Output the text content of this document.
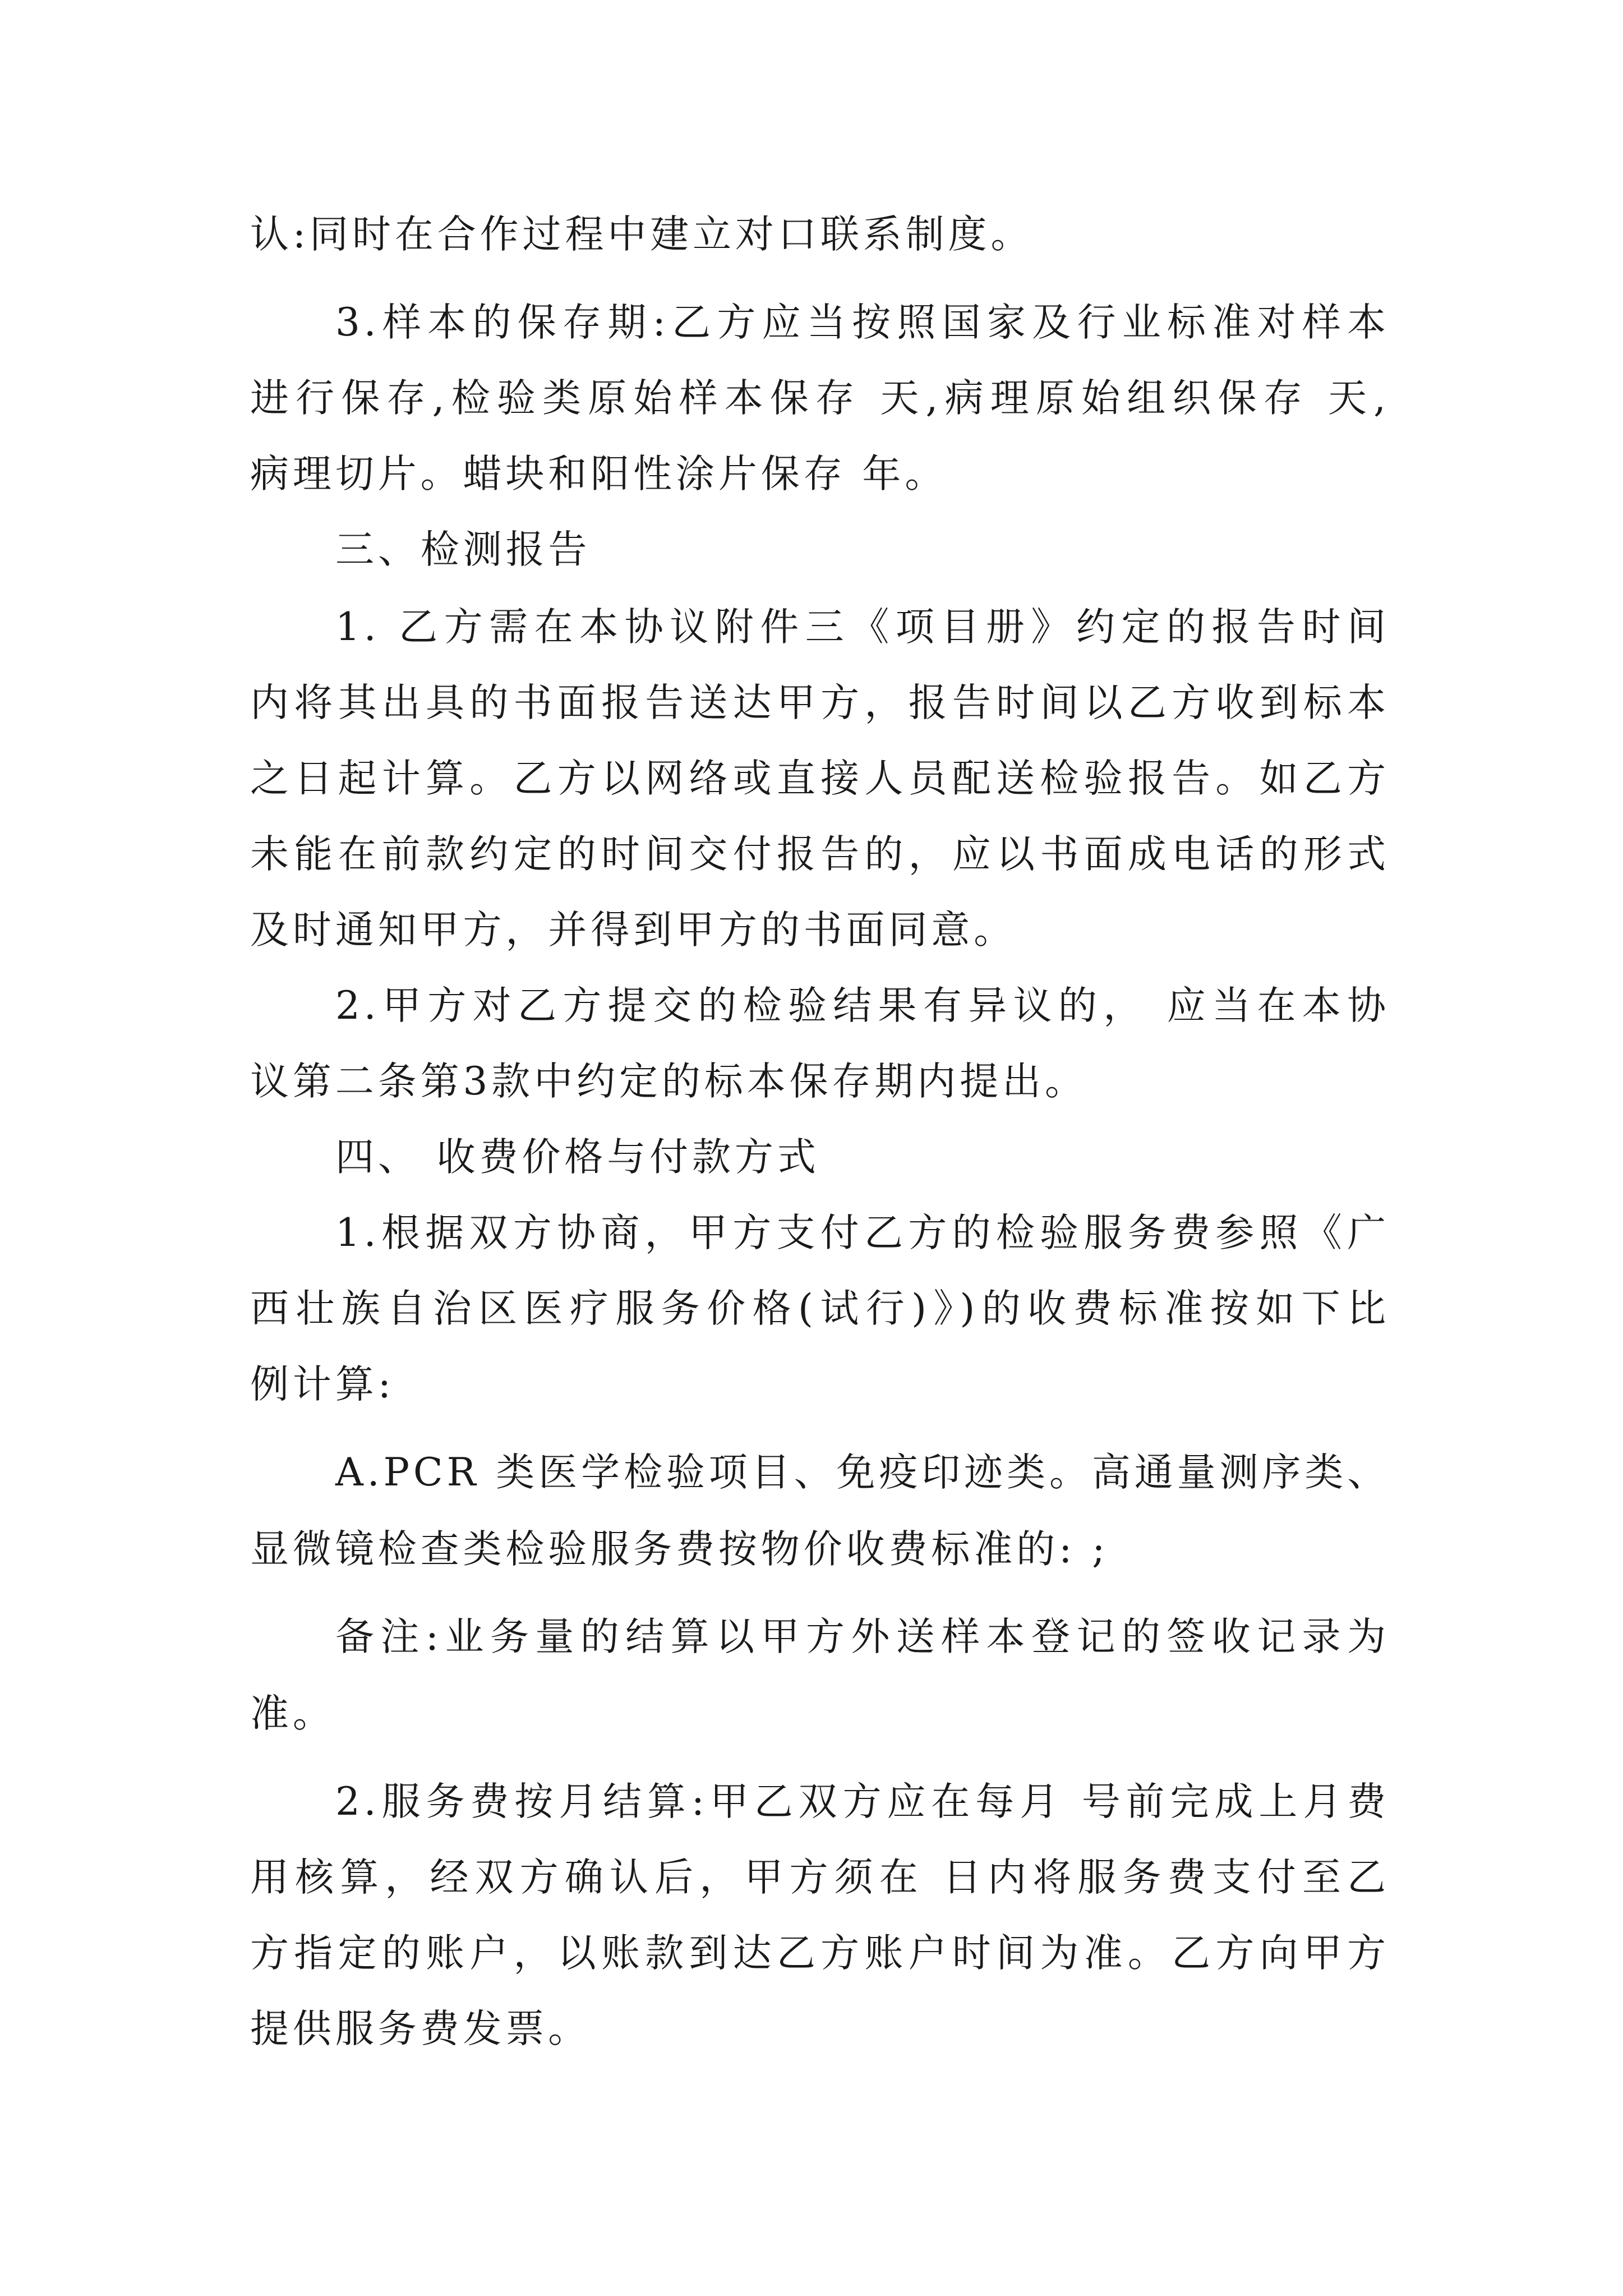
认:同时在合作过程中建立对口联系制度。
3.样本的保存期:乙方应当按照国家及行业标准对样本
进行保存,检验类原始样本保存 天,病理原始组织保存 天,
病理切片。蜡块和阳性涂片保存 年。
三、检测报告
1. 乙方需在本协议附件三《项目册》约定的报告时间
内将其出具的书面报告送达甲方，报告时间以乙方收到标本
之日起计算。乙方以网络或直接人员配送检验报告。如乙方
未能在前款约定的时间交付报告的，应以书面成电话的形式
及时通知甲方，并得到甲方的书面同意。
2.甲方对乙方提交的检验结果有异议的， 应当在本协
议第二条第3款中约定的标本保存期内提出。
四、 收费价格与付款方式
1.根据双方协商，甲方支付乙方的检验服务费参照《广
西壮族自治区医疗服务价格(试行)》)的收费标准按如下比
例计算:
A.PCR 类医学检验项目、免疫印迹类。高通量测序类、
显微镜检查类检验服务费按物价收费标准的: ;
备注:业务量的结算以甲方外送样本登记的签收记录为
准。
2.服务费按月结算:甲乙双方应在每月 号前完成上月费
用核算，经双方确认后，甲方须在 日内将服务费支付至乙
方指定的账户，以账款到达乙方账户时间为准。乙方向甲方
提供服务费发票。
